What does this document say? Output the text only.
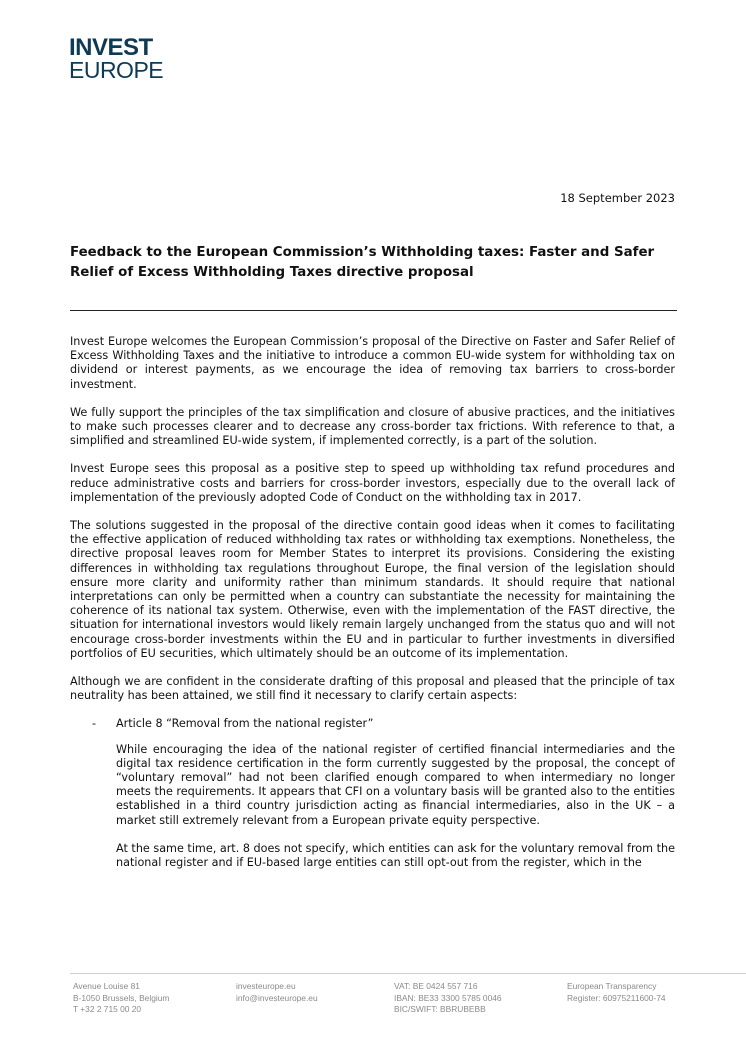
INVEST
EUROPE
18 September 2023
Feedback to the European Commission’s Withholding taxes: Faster and Safer Relief of Excess Withholding Taxes directive proposal

Invest Europe welcomes the European Commission’s proposal of the Directive on Faster and Safer Relief of Excess Withholding Taxes and the initiative to introduce a common EU-wide system for withholding tax on dividend or interest payments, as we encourage the idea of removing tax barriers to cross-border investment.

We fully support the principles of the tax simplification and closure of abusive practices, and the initiatives to make such processes clearer and to decrease any cross-border tax frictions. With reference to that, a simplified and streamlined EU-wide system, if implemented correctly, is a part of the solution.

Invest Europe sees this proposal as a positive step to speed up withholding tax refund procedures and reduce administrative costs and barriers for cross-border investors, especially due to the overall lack of implementation of the previously adopted Code of Conduct on the withholding tax in 2017.

The solutions suggested in the proposal of the directive contain good ideas when it comes to facilitating the effective application of reduced withholding tax rates or withholding tax exemptions. Nonetheless, the directive proposal leaves room for Member States to interpret its provisions. Considering the existing differences in withholding tax regulations throughout Europe, the final version of the legislation should ensure more clarity and uniformity rather than minimum standards. It should require that national interpretations can only be permitted when a country can substantiate the necessity for maintaining the coherence of its national tax system. Otherwise, even with the implementation of the FAST directive, the situation for international investors would likely remain largely unchanged from the status quo and will not encourage cross-border investments within the EU and in particular to further investments in diversified portfolios of EU securities, which ultimately should be an outcome of its implementation.

Although we are confident in the considerate drafting of this proposal and pleased that the principle of tax neutrality has been attained, we still find it necessary to clarify certain aspects:

- Article 8 “Removal from the national register”

While encouraging the idea of the national register of certified financial intermediaries and the digital tax residence certification in the form currently suggested by the proposal, the concept of “voluntary removal” had not been clarified enough compared to when intermediary no longer meets the requirements. It appears that CFI on a voluntary basis will be granted also to the entities established in a third country jurisdiction acting as financial intermediaries, also in the UK – a market still extremely relevant from a European private equity perspective.

At the same time, art. 8 does not specify, which entities can ask for the voluntary removal from the national register and if EU-based large entities can still opt-out from the register, which in the

Avenue Louise 81
B-1050 Brussels, Belgium
T +32 2 715 00 20
investeurope.eu
info@investeurope.eu
VAT: BE 0424 557 716
IBAN: BE33 3300 5785 0046
BIC/SWIFT: BBRUBEBB
European Transparency
Register: 60975211600-74
